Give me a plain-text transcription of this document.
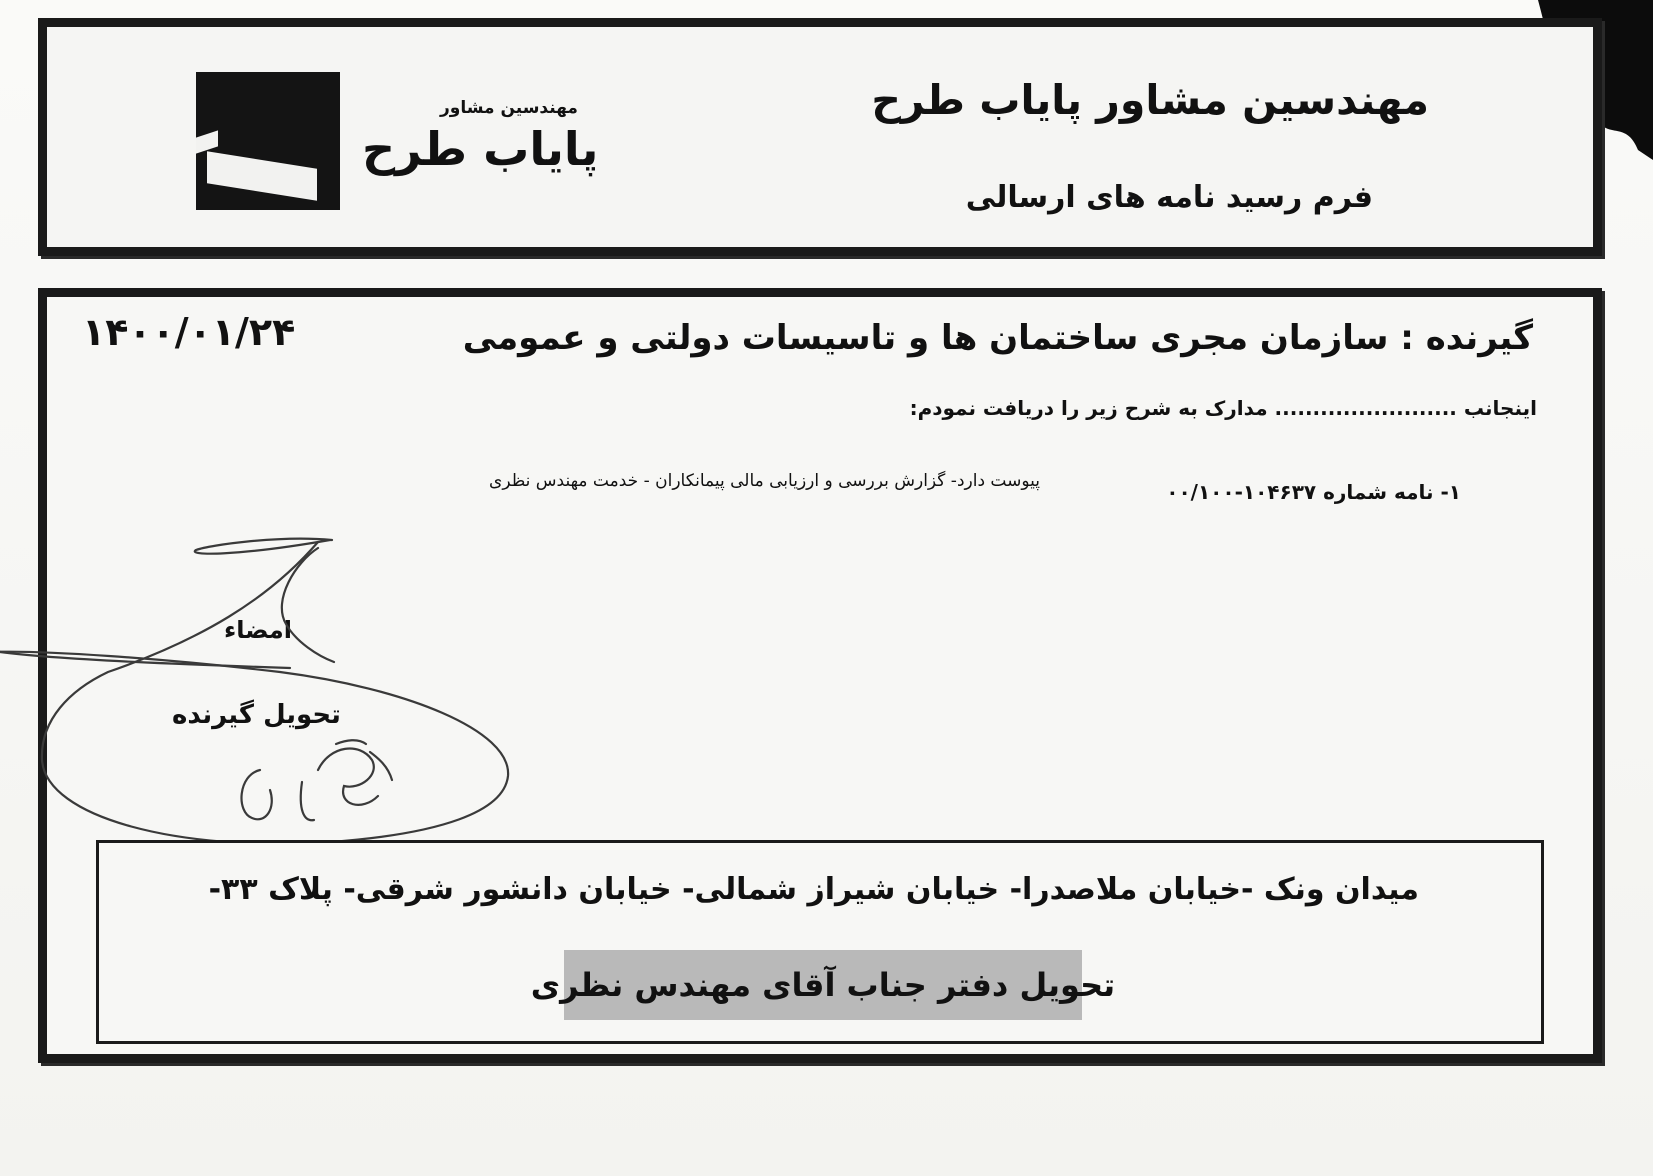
مهندسین مشاور
پایاب طرح
مهندسین مشاور پایاب طرح
فرم رسید نامه های ارسالی
۱۴۰۰/۰۱/۲۴	گیرنده : سازمان مجری ساختمان ها و تاسیسات دولتی و عمومی
اینجانب ........................ مدارک به شرح زیر را دریافت نمودم:
۱- نامه شماره ۱۰۴۶۳۷-۰۰/۱۰۰
پیوست دارد- گزارش بررسی و ارزیابی مالی پیمانکاران - خدمت مهندس نظری
امضاء
تحویل گیرنده
میدان ونک -خیابان ملاصدرا- خیابان شیراز شمالی- خیابان دانشور شرقی- پلاک ۳۳-
تحویل دفتر جناب آقای مهندس نظری
